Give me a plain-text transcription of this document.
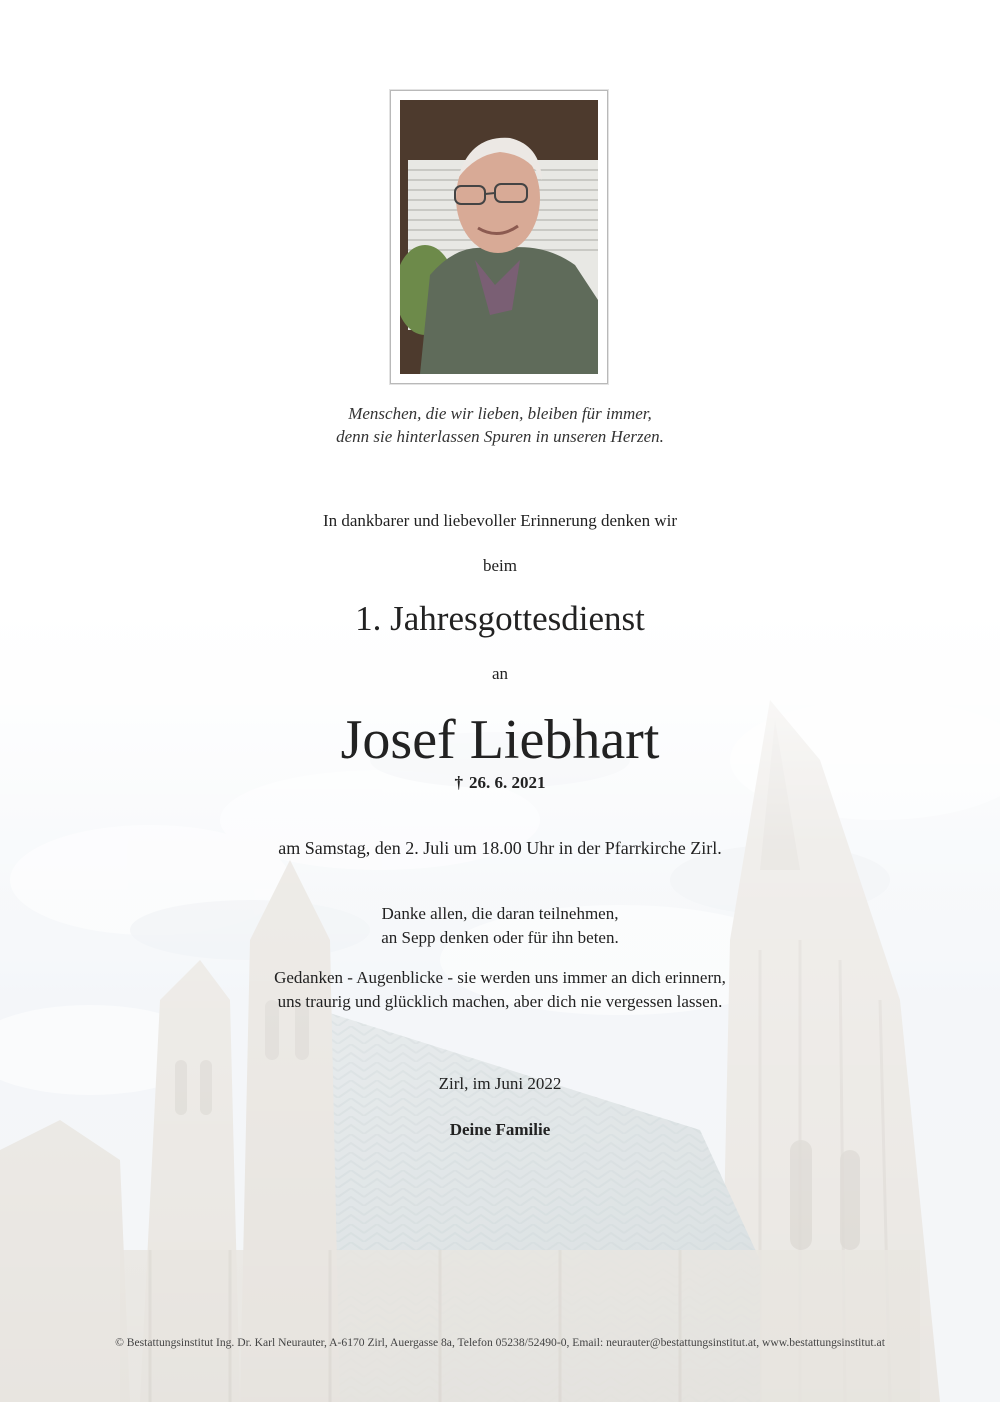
Menschen, die wir lieben, bleiben für immer,
denn sie hinterlassen Spuren in unseren Herzen.
In dankbarer und liebevoller Erinnerung denken wir
beim
1. Jahresgottesdienst
an
Josef Liebhart
† 26. 6. 2021
am Samstag, den 2. Juli um 18.00 Uhr in der Pfarrkirche Zirl.
Danke allen, die daran teilnehmen,
an Sepp denken oder für ihn beten.
Gedanken - Augenblicke - sie werden uns immer an dich erinnern,
uns traurig und glücklich machen, aber dich nie vergessen lassen.
Zirl, im Juni 2022
Deine Familie
© Bestattungsinstitut Ing. Dr. Karl Neurauter, A-6170 Zirl, Auergasse 8a, Telefon 05238/52490-0, Email: neurauter@bestattungsinstitut.at, www.bestattungsinstitut.at
